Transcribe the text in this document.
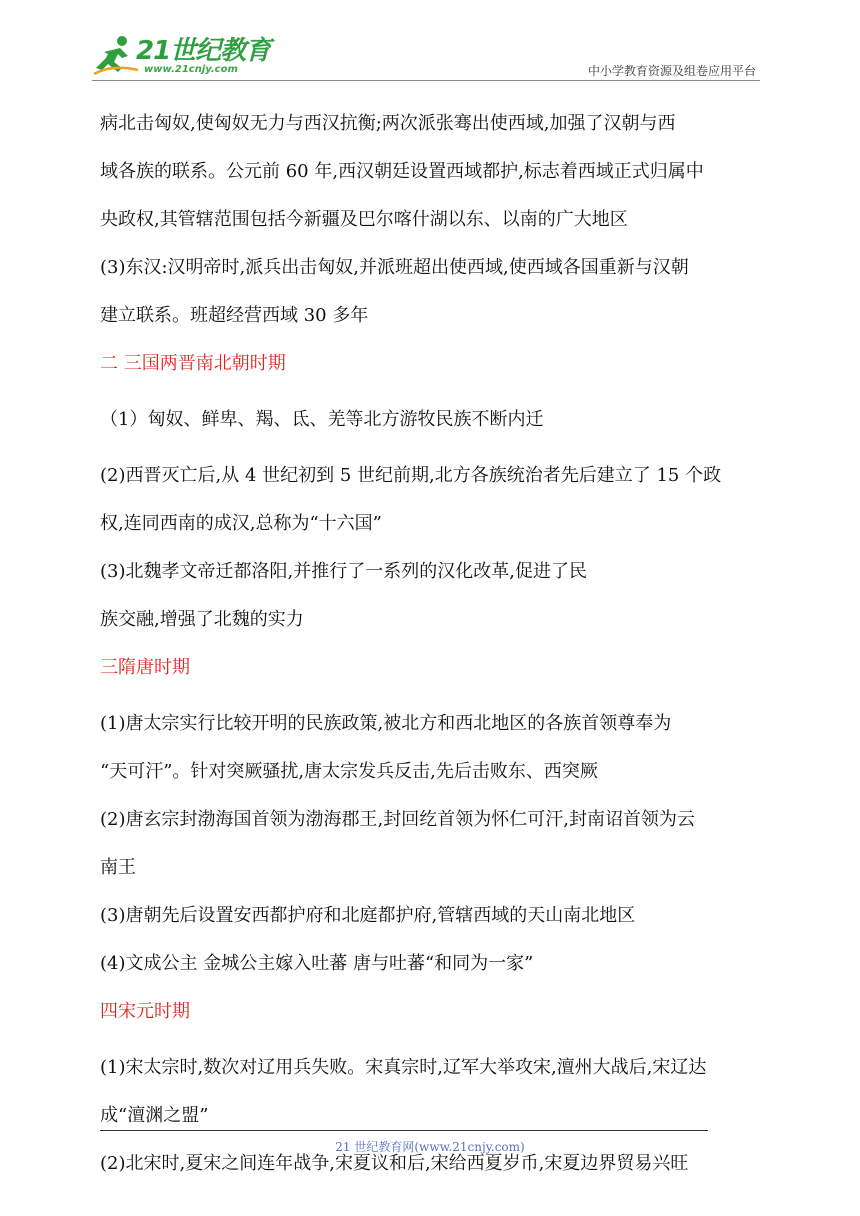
21世纪教育
www.21cnjy.com	中小学教育资源及组卷应用平台
病北击匈奴,使匈奴无力与西汉抗衡;两次派张骞出使西域,加强了汉朝与西
域各族的联系。公元前 60 年,西汉朝廷设置西域都护,标志着西域正式归属中
央政权,其管辖范围包括今新疆及巴尔喀什湖以东、以南的广大地区
(3)东汉:汉明帝时,派兵出击匈奴,并派班超出使西域,使西域各国重新与汉朝
建立联系。班超经营西域 30 多年
二 三国两晋南北朝时期
（1）匈奴、鲜卑、羯、氐、羌等北方游牧民族不断内迁
(2)西晋灭亡后,从 4 世纪初到 5 世纪前期,北方各族统治者先后建立了 15 个政
权,连同西南的成汉,总称为“十六国”
(3)北魏孝文帝迁都洛阳,并推行了一系列的汉化改革,促进了民
族交融,增强了北魏的实力
三隋唐时期
(1)唐太宗实行比较开明的民族政策,被北方和西北地区的各族首领尊奉为
“天可汗”。针对突厥骚扰,唐太宗发兵反击,先后击败东、西突厥
(2)唐玄宗封渤海国首领为渤海郡王,封回纥首领为怀仁可汗,封南诏首领为云
南王
(3)唐朝先后设置安西都护府和北庭都护府,管辖西域的天山南北地区
(4)文成公主 金城公主嫁入吐蕃 唐与吐蕃“和同为一家”
四宋元时期
(1)宋太宗时,数次对辽用兵失败。宋真宗时,辽军大举攻宋,澶州大战后,宋辽达
成“澶渊之盟”
(2)北宋时,夏宋之间连年战争,宋夏议和后,宋给西夏岁币,宋夏边界贸易兴旺
21 世纪教育网(www.21cnjy.com)
